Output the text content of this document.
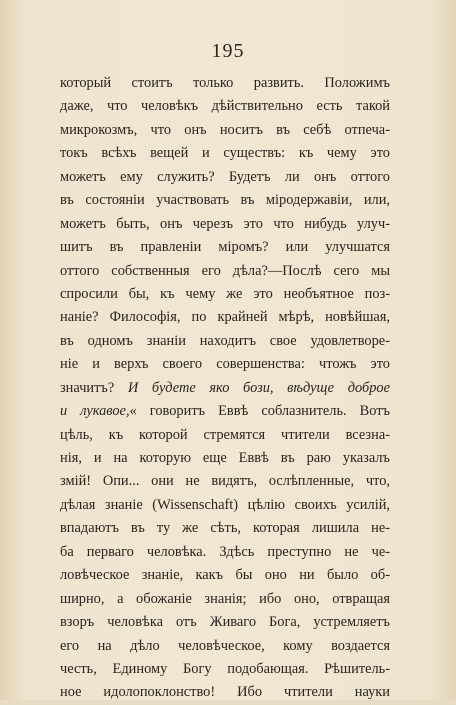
195
который стоитъ только развить. Положимъ
даже, что человѣкъ дѣйствительно есть такой
микрокозмъ, что онъ носитъ въ себѣ отпеча-
токъ всѣхъ вещей и существъ: къ чему это
можетъ ему служить? Будетъ ли онъ оттого
въ состояніи участвовать въ міродержавіи, или,
можетъ быть, онъ черезъ это что нибудь улуч-
шитъ въ правленіи міромъ? или улучшатся
оттого собственныя его дѣла?—Послѣ сего мы
спросили бы, къ чему же это необъятное поз-
наніе? Философія, по крайней мѣрѣ, новѣйшая,
въ одномъ знаніи находитъ свое удовлетворе-
ніе и верхъ своего совершенства: чтожъ это
значитъ? И будете яко бози, вѣдуще доброе
и лукавое,« говоритъ Еввѣ соблазнитель. Вотъ
цѣль, къ которой стремятся чтители всезна-
нія, и на которую еще Еввѣ въ раю указалъ
змій! Опи... они не видятъ, ослѣпленные, что,
дѣлая знаніе (Wissenschaft) цѣлію своихъ усилій,
впадаютъ въ ту же сѣть, которая лишила не-
ба перваго человѣка. Здѣсь преступно не че-
ловѣческое знаніе, какъ бы оно ни было об-
ширно, а обожаніе знанія; ибо оно, отвращая
взоръ человѣка отъ Живаго Бога, устремляетъ
его на дѣло человѣческое, кому воздается
честь, Единому Богу подобающая. Рѣшитель-
ное идолопоклонство! Ибо чтители науки
